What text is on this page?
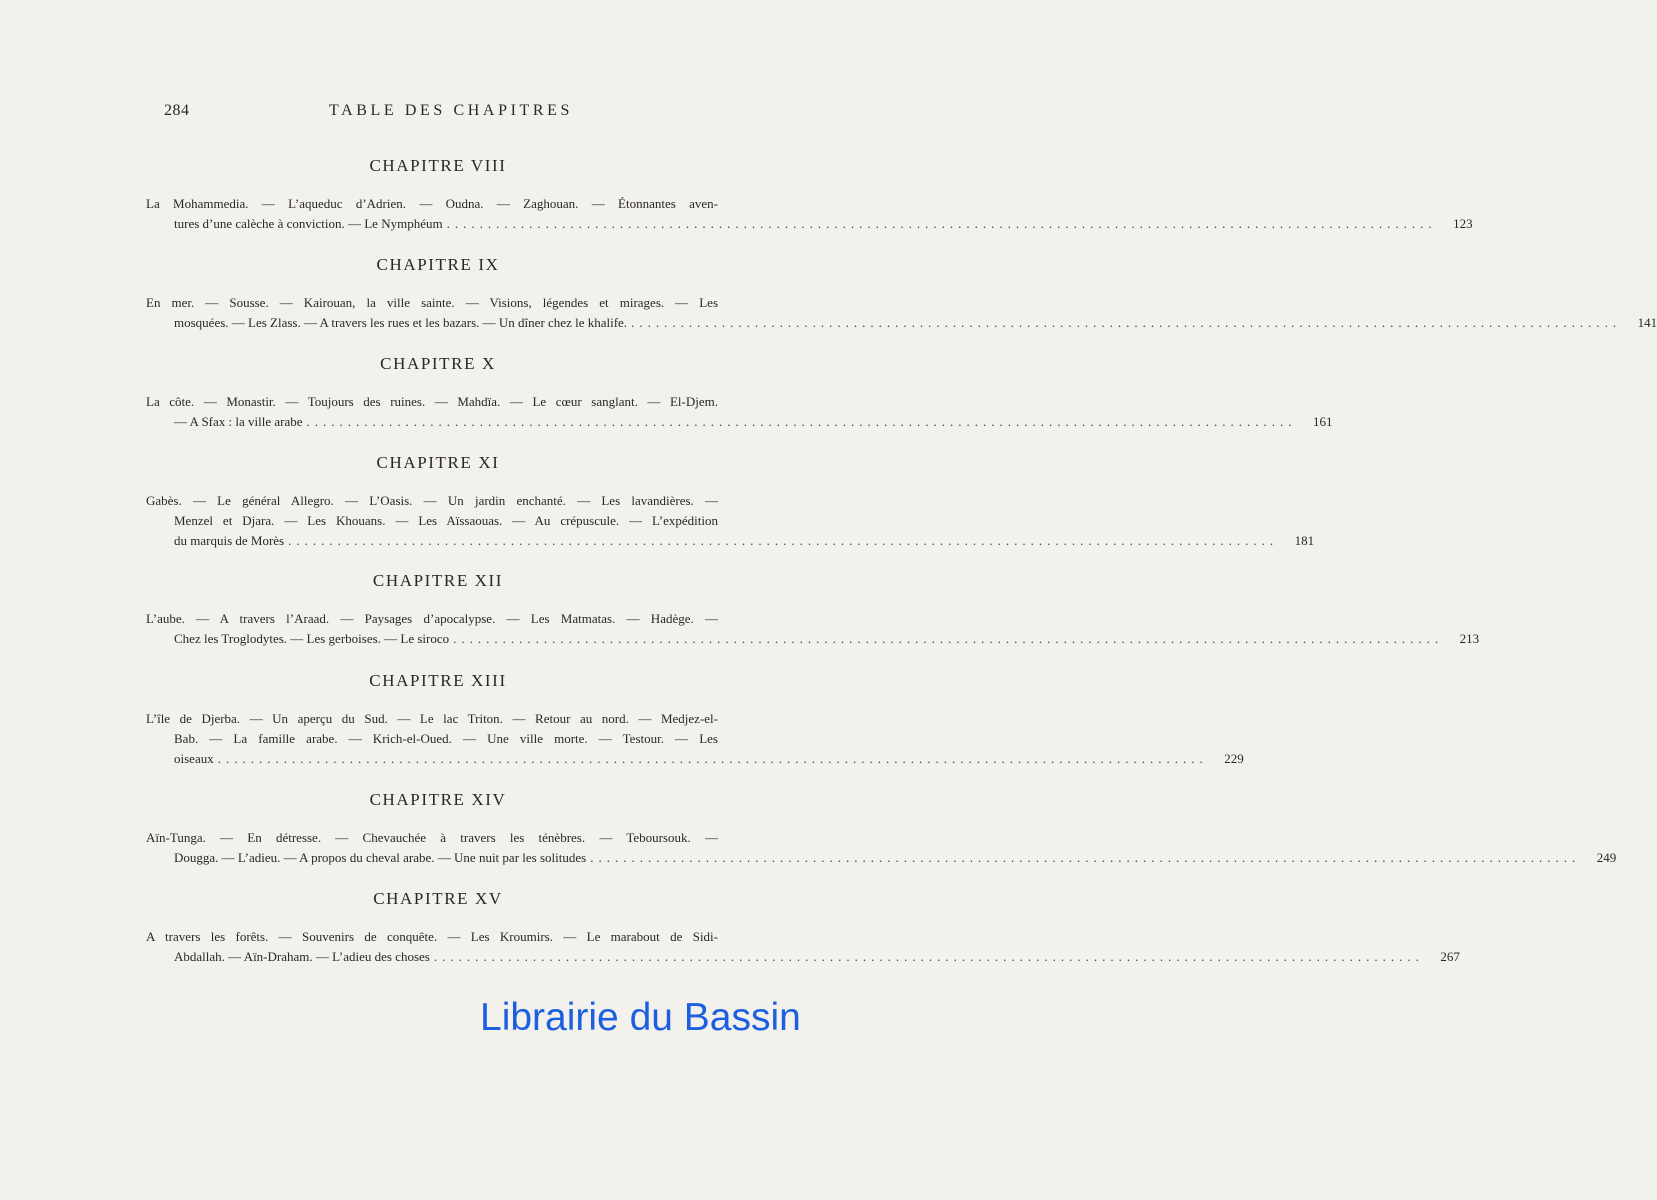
284	TABLE DES CHAPITRES
CHAPITRE VIII
La Mohammedia. — L’aqueduc d’Adrien. — Oudna. — Zaghouan. — Étonnantes aven-
tures d’une calèche à conviction. — Le Nymphéum ........................................................................................................................	123
CHAPITRE IX
En mer. — Sousse. — Kairouan, la ville sainte. — Visions, légendes et mirages. — Les
mosquées. — Les Zlass. — A travers les rues et les bazars. — Un dîner chez le khalife. ........................................................................................................................	141
CHAPITRE X
La côte. — Monastir. — Toujours des ruines. — Mahdïa. — Le cœur sanglant. — El-Djem.
— A Sfax : la ville arabe ........................................................................................................................	161
CHAPITRE XI
Gabès. — Le général Allegro. — L’Oasis. — Un jardin enchanté. — Les lavandières. —
Menzel et Djara. — Les Khouans. — Les Aïssaouas. — Au crépuscule. — L’expédition
du marquis de Morès ........................................................................................................................	181
CHAPITRE XII
L’aube. — A travers l’Araad. — Paysages d’apocalypse. — Les Matmatas. — Hadège. —
Chez les Troglodytes. — Les gerboises. — Le siroco ........................................................................................................................	213
CHAPITRE XIII
L’île de Djerba. — Un aperçu du Sud. — Le lac Triton. — Retour au nord. — Medjez-el-
Bab. — La famille arabe. — Krich-el-Oued. — Une ville morte. — Testour. — Les
oiseaux ........................................................................................................................	229
CHAPITRE XIV
Aïn-Tunga. — En détresse. — Chevauchée à travers les ténèbres. — Teboursouk. —
Dougga. — L’adieu. — A propos du cheval arabe. — Une nuit par les solitudes ........................................................................................................................	249
CHAPITRE XV
A travers les forêts. — Souvenirs de conquête. — Les Kroumirs. — Le marabout de Sidi-
Abdallah. — Aïn-Draham. — L’adieu des choses ........................................................................................................................	267
Librairie du Bassin
